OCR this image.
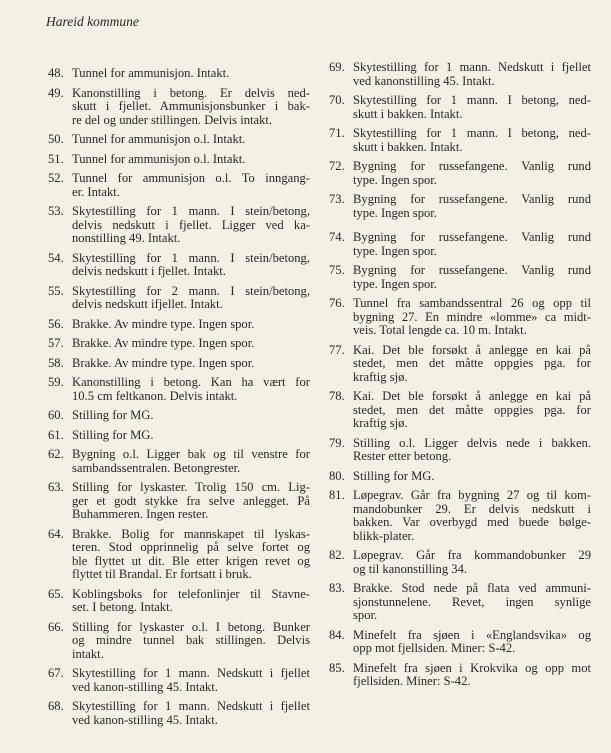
Hareid kommune
48. Tunnel for ammunisjon. Intakt.
49. Kanonstilling i betong. Er delvis ned-
skutt i fjellet. Ammunisjonsbunker i bak-
re del og under stillingen. Delvis intakt.
50. Tunnel for ammunisjon o.l. Intakt.
51. Tunnel for ammunisjon o.l. Intakt.
52. Tunnel for ammunisjon o.l. To inngang-
er. Intakt.
53. Skytestilling for 1 mann. I stein/betong,
delvis nedskutt i fjellet. Ligger ved ka-
nonstilling 49. Intakt.
54. Skytestilling for 1 mann. I stein/betong,
delvis nedskutt i fjellet. Intakt.
55. Skytestilling for 2 mann. I stein/betong,
delvis nedskutt ifjellet. Intakt.
56. Brakke. Av mindre type. Ingen spor.
57. Brakke. Av mindre type. Ingen spor.
58. Brakke. Av mindre type. Ingen spor.
59. Kanonstilling i betong. Kan ha vært for
10.5 cm feltkanon. Delvis intakt.
60. Stilling for MG.
61. Stilling for MG.
62. Bygning o.l. Ligger bak og til venstre for
sambandssentralen. Betongrester.
63. Stilling for lyskaster. Trolig 150 cm. Lig-
ger et godt stykke fra selve anlegget. På
Buhammeren. Ingen rester.
64. Brakke. Bolig for mannskapet til lyskas-
teren. Stod opprinnelig på selve fortet og
ble flyttet ut dit. Ble etter krigen revet og
flyttet til Brandal. Er fortsatt i bruk.
65. Koblingsboks for telefonlinjer til Stavne-
set. I betong. Intakt.
66. Stilling for lyskaster o.l. I betong. Bunker
og mindre tunnel bak stillingen. Delvis
intakt.
67. Skytestilling for 1 mann. Nedskutt i fjellet
ved kanon-stilling 45. Intakt.
68. Skytestilling for 1 mann. Nedskutt i fjellet
ved kanon-stilling 45. Intakt.
69. Skytestilling for 1 mann. Nedskutt i fjellet
ved kanonstilling 45. Intakt.
70. Skytestilling for 1 mann. I betong, ned-
skutt i bakken. Intakt.
71. Skytestilling for 1 mann. I betong, ned-
skutt i bakken. Intakt.
72. Bygning for russefangene. Vanlig rund
type. Ingen spor.
73. Bygning for russefangene. Vanlig rund
type. Ingen spor.
74. Bygning for russefangene. Vanlig rund
type. Ingen spor.
75. Bygning for russefangene. Vanlig rund
type. Ingen spor.
76. Tunnel fra sambandssentral 26 og opp til
bygning 27. En mindre «lomme» ca midt-
veis. Total lengde ca. 10 m. Intakt.
77. Kai. Det ble forsøkt å anlegge en kai på
stedet, men det måtte oppgies pga. for
kraftig sjø.
78. Kai. Det ble forsøkt å anlegge en kai på
stedet, men det måtte oppgies pga. for
kraftig sjø.
79. Stilling o.l. Ligger delvis nede i bakken.
Rester etter betong.
80. Stilling for MG.
81. Løpegrav. Går fra bygning 27 og til kom-
mandobunker 29. Er delvis nedskutt i
bakken. Var overbygd med buede bølge-
blikk-plater.
82. Løpegrav. Går fra kommandobunker 29
og til kanonstilling 34.
83. Brakke. Stod nede på flata ved ammuni-
sjonstunnelene. Revet, ingen synlige
spor.
84. Minefelt fra sjøen i «Englandsvika» og
opp mot fjellsiden. Miner: S-42.
85. Minefelt fra sjøen i Krokvika og opp mot
fjellsiden. Miner: S-42.
